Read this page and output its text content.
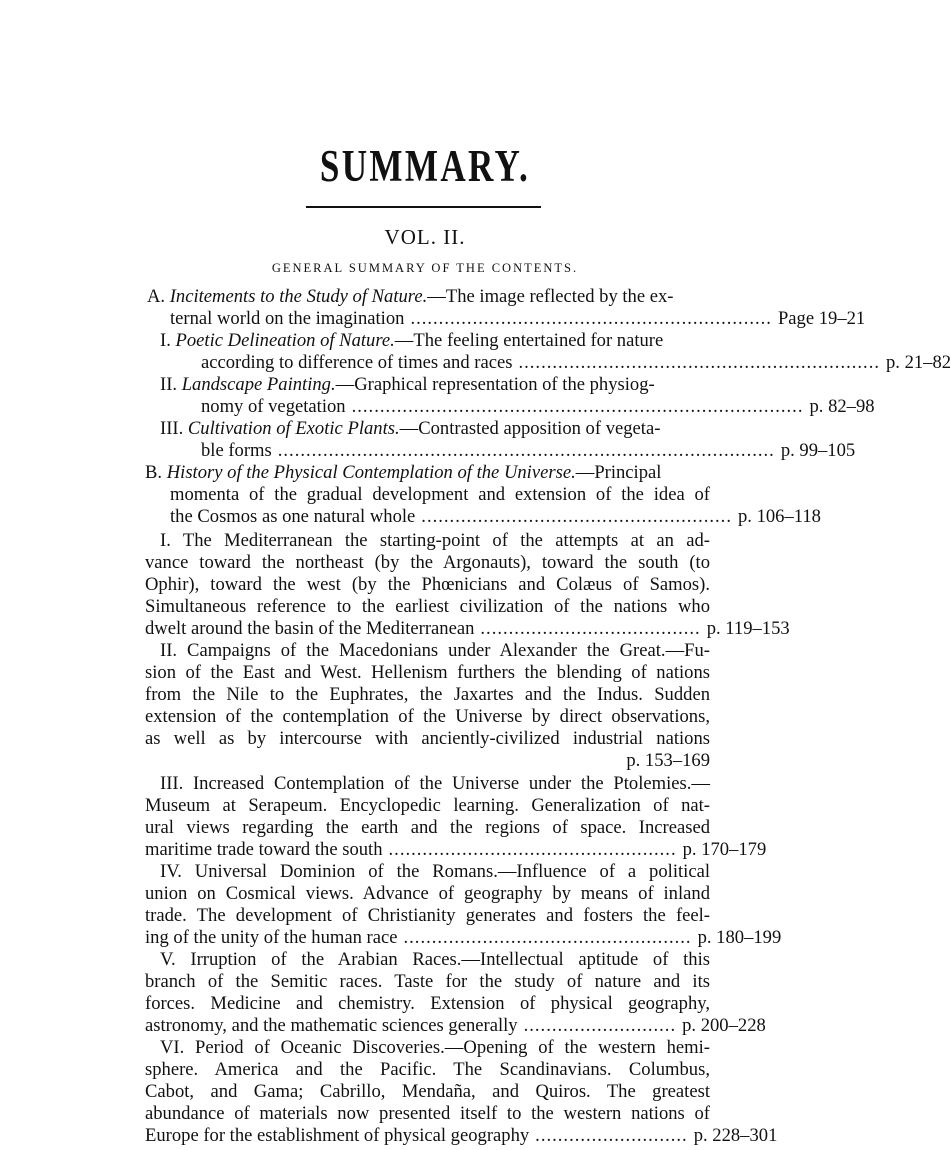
SUMMARY.
VOL. II.
GENERAL SUMMARY OF THE CONTENTS.
A. Incitements to the Study of Nature.—The image reflected by the ex-
ternal world on the imagination ................................................................ Page 19–21
I. Poetic Delineation of Nature.—The feeling entertained for nature
according to difference of times and races ................................................................ p. 21–82
II. Landscape Painting.—Graphical representation of the physiog-
nomy of vegetation ................................................................................ p. 82–98
III. Cultivation of Exotic Plants.—Contrasted apposition of vegeta-
ble forms ........................................................................................ p. 99–105
B. History of the Physical Contemplation of the Universe.—Principal
momenta of the gradual development and extension of the idea of
the Cosmos as one natural whole ....................................................... p. 106–118
I. The Mediterranean the starting-point of the attempts at an ad-
vance toward the northeast (by the Argonauts), toward the south (to
Ophir), toward the west (by the Phœnicians and Colæus of Samos).
Simultaneous reference to the earliest civilization of the nations who
dwelt around the basin of the Mediterranean ....................................... p. 119–153
II. Campaigns of the Macedonians under Alexander the Great.—Fu-
sion of the East and West. Hellenism furthers the blending of nations
from the Nile to the Euphrates, the Jaxartes and the Indus. Sudden
extension of the contemplation of the Universe by direct observations,
as well as by intercourse with anciently-civilized industrial nations
p. 153–169
III. Increased Contemplation of the Universe under the Ptolemies.—
Museum at Serapeum. Encyclopedic learning. Generalization of nat-
ural views regarding the earth and the regions of space. Increased
maritime trade toward the south ................................................... p. 170–179
IV. Universal Dominion of the Romans.—Influence of a political
union on Cosmical views. Advance of geography by means of inland
trade. The development of Christianity generates and fosters the feel-
ing of the unity of the human race ................................................... p. 180–199
V. Irruption of the Arabian Races.—Intellectual aptitude of this
branch of the Semitic races. Taste for the study of nature and its
forces. Medicine and chemistry. Extension of physical geography,
astronomy, and the mathematic sciences generally ........................... p. 200–228
VI. Period of Oceanic Discoveries.—Opening of the western hemi-
sphere. America and the Pacific. The Scandinavians. Columbus,
Cabot, and Gama; Cabrillo, Mendaña, and Quiros. The greatest
abundance of materials now presented itself to the western nations of
Europe for the establishment of physical geography ........................... p. 228–301
